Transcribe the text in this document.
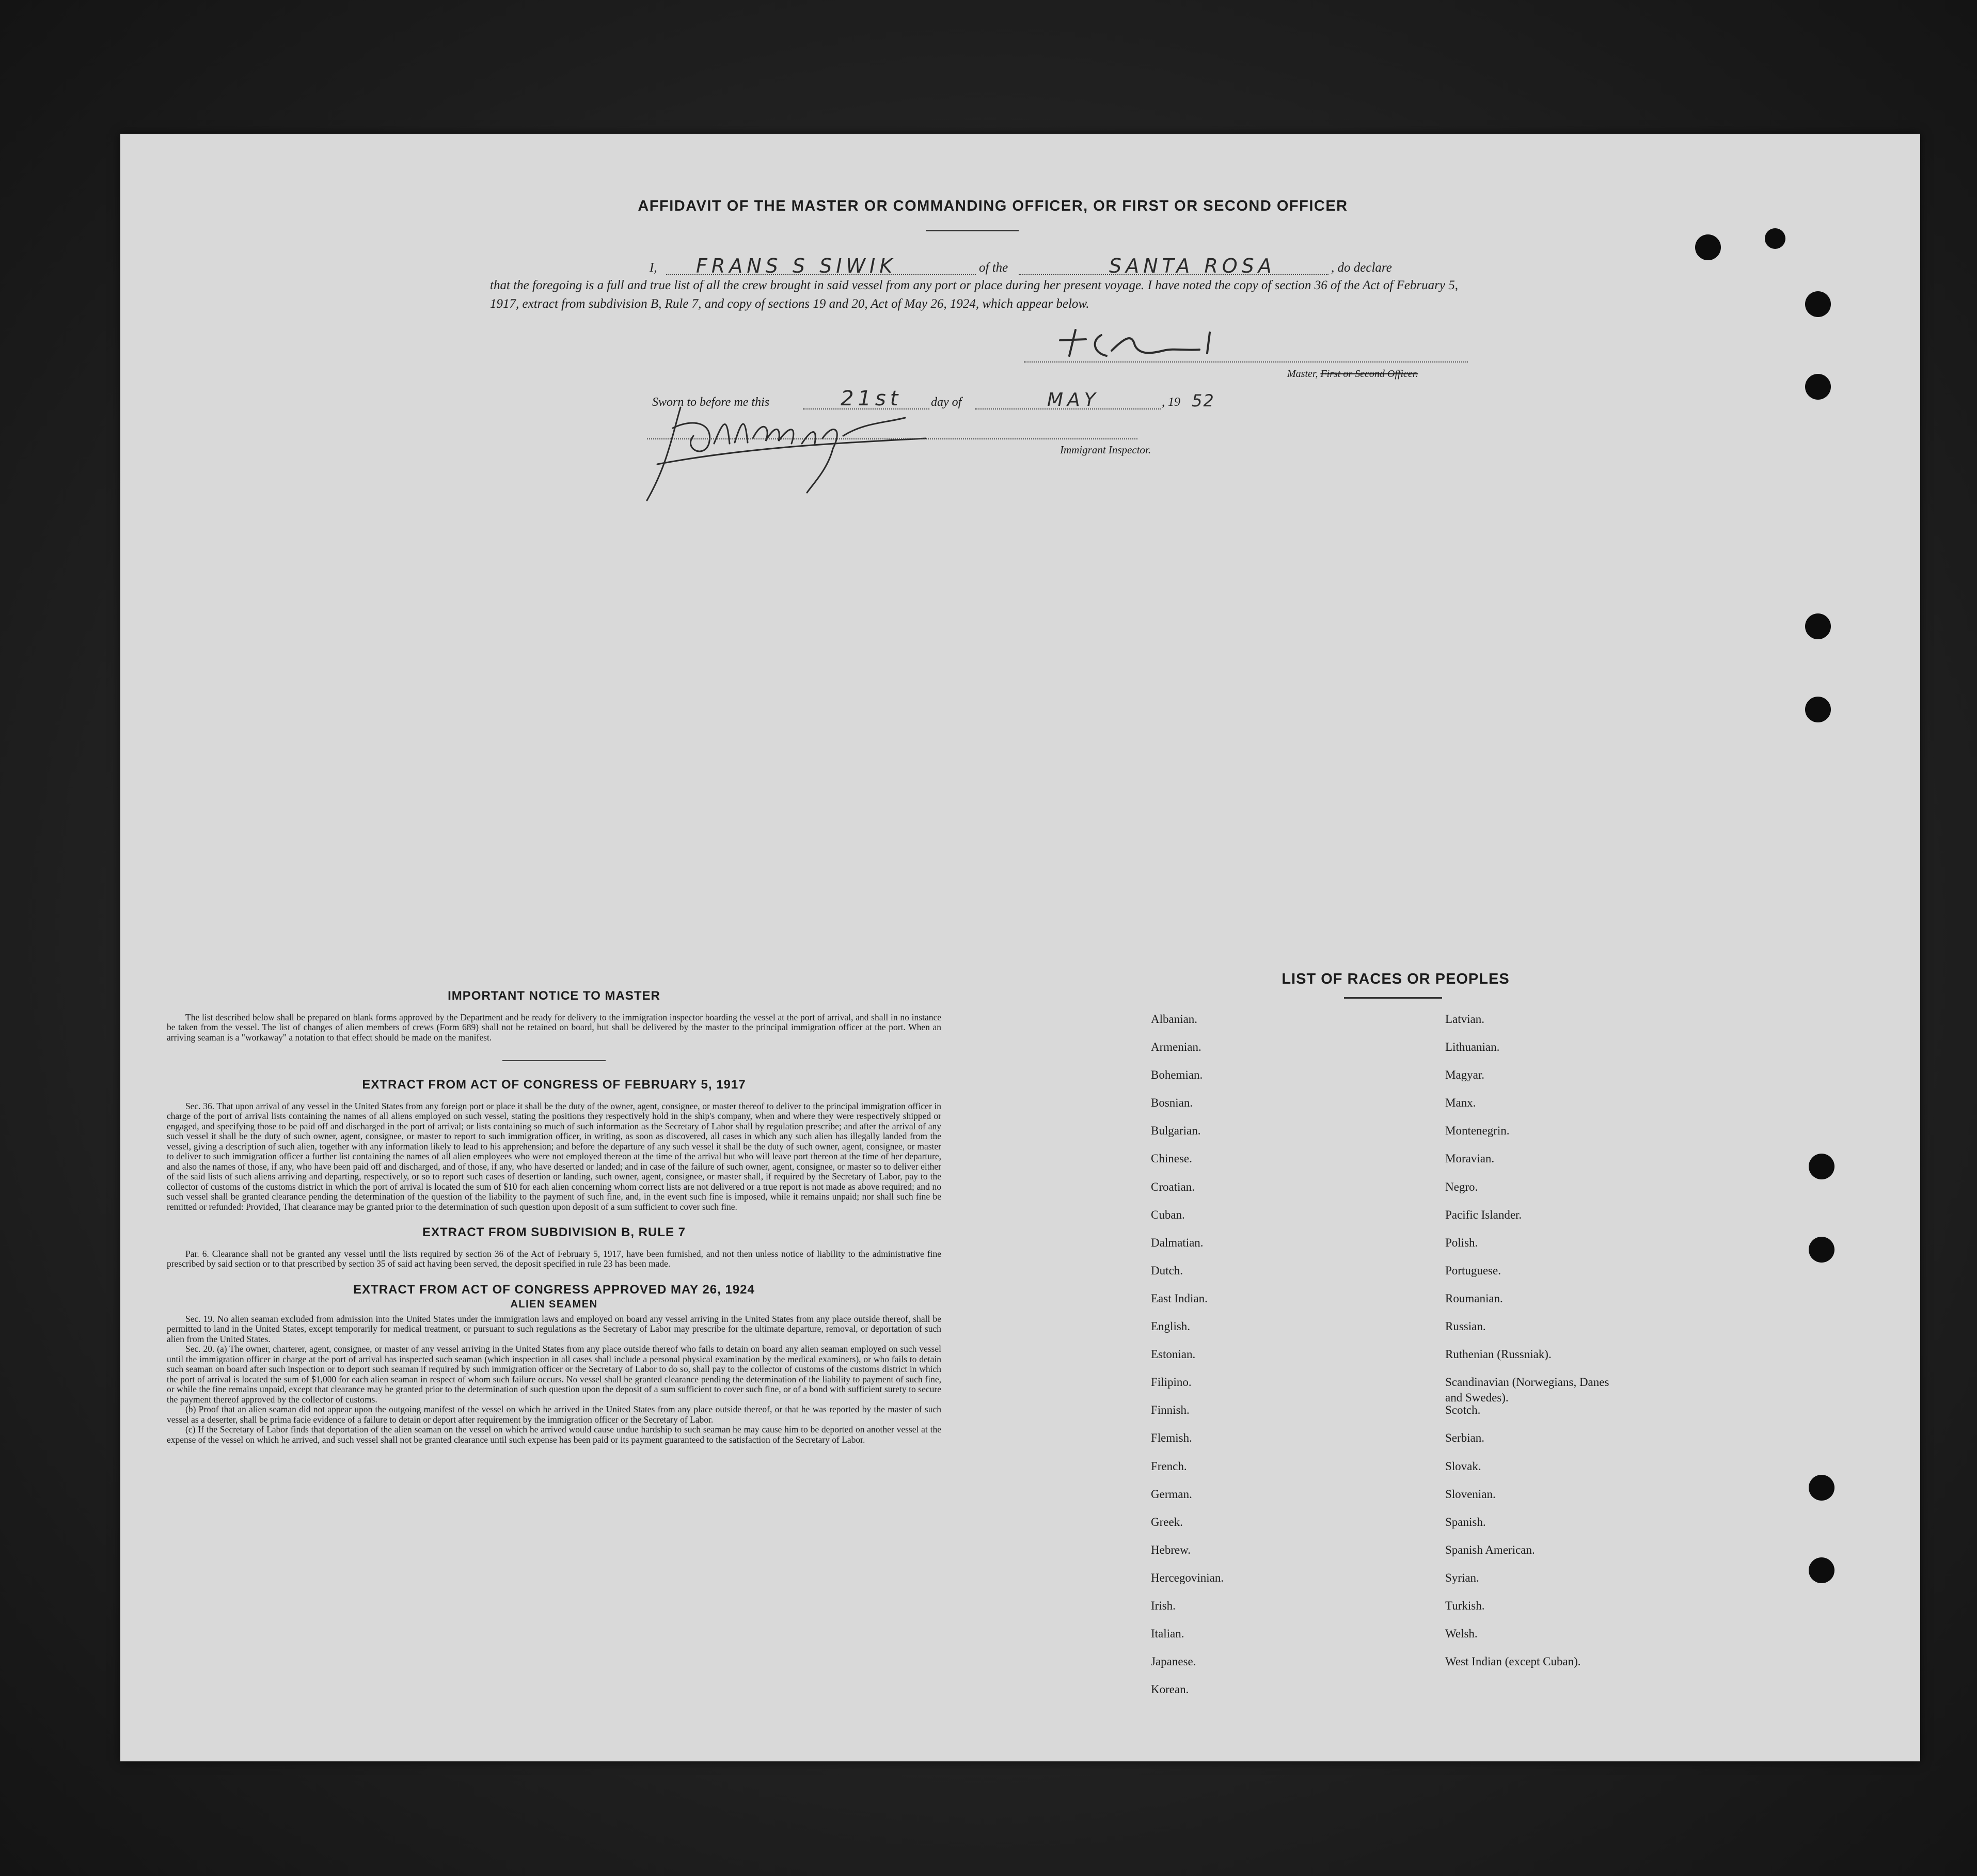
AFFIDAVIT OF THE MASTER OR COMMANDING OFFICER, OR FIRST OR SECOND OFFICER
I, FRANS S SIWIK	of the	SANTA ROSA	, do declare
that the foregoing is a full and true list of all the crew brought in said vessel from any port or place during her present voyage. I have noted the copy of section 36 of the Act of February 5, 1917, extract from subdivision B, Rule 7, and copy of sections 19 and 20, Act of May 26, 1924, which appear below.
Master, First or Second Officer.
Sworn to before me this	21st day of	MAY	, 19 52
Immigrant Inspector.
IMPORTANT NOTICE TO MASTER

The list described below shall be prepared on blank forms approved by the Department and be ready for delivery to the immigration inspector boarding the vessel at the port of arrival, and shall in no instance be taken from the vessel. The list of changes of alien members of crews (Form 689) shall not be retained on board, but shall be delivered by the master to the principal immigration officer at the port. When an arriving seaman is a "workaway" a notation to that effect should be made on the manifest.

EXTRACT FROM ACT OF CONGRESS OF FEBRUARY 5, 1917

Sec. 36. That upon arrival of any vessel in the United States from any foreign port or place it shall be the duty of the owner, agent, consignee, or master thereof to deliver to the principal immigration officer in charge of the port of arrival lists containing the names of all aliens employed on such vessel, stating the positions they respectively hold in the ship's company, when and where they were respectively shipped or engaged, and specifying those to be paid off and discharged in the port of arrival; or lists containing so much of such information as the Secretary of Labor shall by regulation prescribe; and after the arrival of any such vessel it shall be the duty of such owner, agent, consignee, or master to report to such immigration officer, in writing, as soon as discovered, all cases in which any such alien has illegally landed from the vessel, giving a description of such alien, together with any information likely to lead to his apprehension; and before the departure of any such vessel it shall be the duty of such owner, agent, consignee, or master to deliver to such immigration officer a further list containing the names of all alien employees who were not employed thereon at the time of the arrival but who will leave port thereon at the time of her departure, and also the names of those, if any, who have been paid off and discharged, and of those, if any, who have deserted or landed; and in case of the failure of such owner, agent, consignee, or master so to deliver either of the said lists of such aliens arriving and departing, respectively, or so to report such cases of desertion or landing, such owner, agent, consignee, or master shall, if required by the Secretary of Labor, pay to the collector of customs of the customs district in which the port of arrival is located the sum of $10 for each alien concerning whom correct lists are not delivered or a true report is not made as above required; and no such vessel shall be granted clearance pending the determination of the question of the liability to the payment of such fine, and, in the event such fine is imposed, while it remains unpaid; nor shall such fine be remitted or refunded: Provided, That clearance may be granted prior to the determination of such question upon deposit of a sum sufficient to cover such fine.

EXTRACT FROM SUBDIVISION B, RULE 7

Par. 6. Clearance shall not be granted any vessel until the lists required by section 36 of the Act of February 5, 1917, have been furnished, and not then unless notice of liability to the administrative fine prescribed by said section or to that prescribed by section 35 of said act having been served, the deposit specified in rule 23 has been made.

EXTRACT FROM ACT OF CONGRESS APPROVED MAY 26, 1924
ALIEN SEAMEN

Sec. 19. No alien seaman excluded from admission into the United States under the immigration laws and employed on board any vessel arriving in the United States from any place outside thereof, shall be permitted to land in the United States, except temporarily for medical treatment, or pursuant to such regulations as the Secretary of Labor may prescribe for the ultimate departure, removal, or deportation of such alien from the United States.

Sec. 20. (a) The owner, charterer, agent, consignee, or master of any vessel arriving in the United States from any place outside thereof who fails to detain on board any alien seaman employed on such vessel until the immigration officer in charge at the port of arrival has inspected such seaman (which inspection in all cases shall include a personal physical examination by the medical examiners), or who fails to detain such seaman on board after such inspection or to deport such seaman if required by such immigration officer or the Secretary of Labor to do so, shall pay to the collector of customs of the customs district in which the port of arrival is located the sum of $1,000 for each alien seaman in respect of whom such failure occurs. No vessel shall be granted clearance pending the determination of the liability to payment of such fine, or while the fine remains unpaid, except that clearance may be granted prior to the determination of such question upon the deposit of a sum sufficient to cover such fine, or of a bond with sufficient surety to secure the payment thereof approved by the collector of customs.

(b) Proof that an alien seaman did not appear upon the outgoing manifest of the vessel on which he arrived in the United States from any place outside thereof, or that he was reported by the master of such vessel as a deserter, shall be prima facie evidence of a failure to detain or deport after requirement by the immigration officer or the Secretary of Labor.

(c) If the Secretary of Labor finds that deportation of the alien seaman on the vessel on which he arrived would cause undue hardship to such seaman he may cause him to be deported on another vessel at the expense of the vessel on which he arrived, and such vessel shall not be granted clearance until such expense has been paid or its payment guaranteed to the satisfaction of the Secretary of Labor.

LIST OF RACES OR PEOPLES
Albanian.
Armenian.
Bohemian.
Bosnian.
Bulgarian.
Chinese.
Croatian.
Cuban.
Dalmatian.
Dutch.
East Indian.
English.
Estonian.
Filipino.
Finnish.
Flemish.
French.
German.
Greek.
Hebrew.
Hercegovinian.
Irish.
Italian.
Japanese.
Korean.
Latvian.
Lithuanian.
Magyar.
Manx.
Montenegrin.
Moravian.
Negro.
Pacific Islander.
Polish.
Portuguese.
Roumanian.
Russian.
Ruthenian (Russniak).
Scandinavian (Norwegians, Danes and Swedes).
Scotch.
Serbian.
Slovak.
Slovenian.
Spanish.
Spanish American.
Syrian.
Turkish.
Welsh.
West Indian (except Cuban).
